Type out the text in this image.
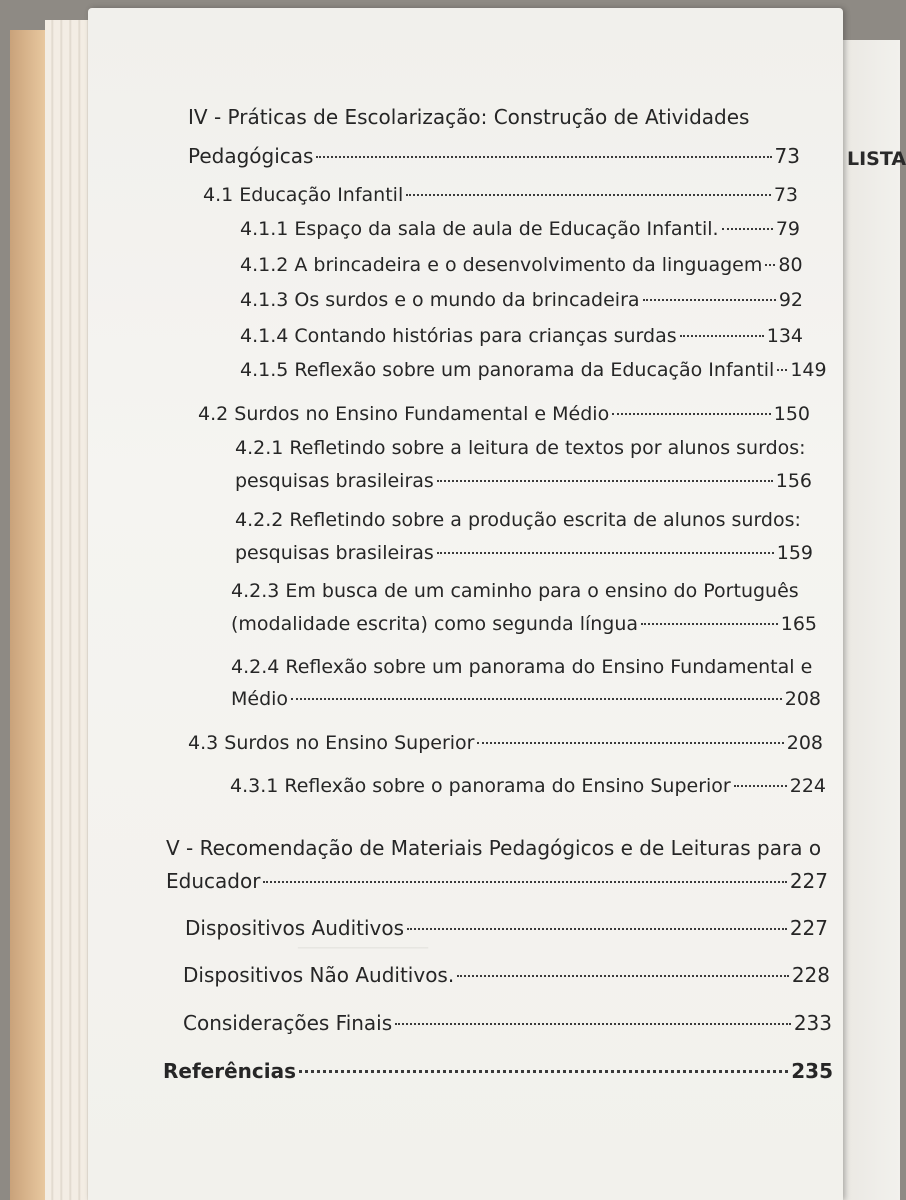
LISTA
────────────
IV - Práticas de Escolarização: Construção de Atividades
Pedagógicas	73
4.1 Educação Infantil	73
4.1.1 Espaço da sala de aula de Educação Infantil.	79
4.1.2 A brincadeira e o desenvolvimento da linguagem 80
4.1.3 Os surdos e o mundo da brincadeira	92
4.1.4 Contando histórias para crianças surdas	134
4.1.5 Reflexão sobre um panorama da Educação Infantil 149
4.2 Surdos no Ensino Fundamental e Médio	150
4.2.1 Refletindo sobre a leitura de textos por alunos surdos:
pesquisas brasileiras	156
4.2.2 Refletindo sobre a produção escrita de alunos surdos:
pesquisas brasileiras	159
4.2.3 Em busca de um caminho para o ensino do Português
(modalidade escrita) como segunda língua	165
4.2.4 Reflexão sobre um panorama do Ensino Fundamental e
Médio	208
4.3 Surdos no Ensino Superior	208
4.3.1 Reflexão sobre o panorama do Ensino Superior	224
V - Recomendação de Materiais Pedagógicos e de Leituras para o
Educador	227
Dispositivos Auditivos	227
Dispositivos Não Auditivos.	228
Considerações Finais	233
Referências	235
